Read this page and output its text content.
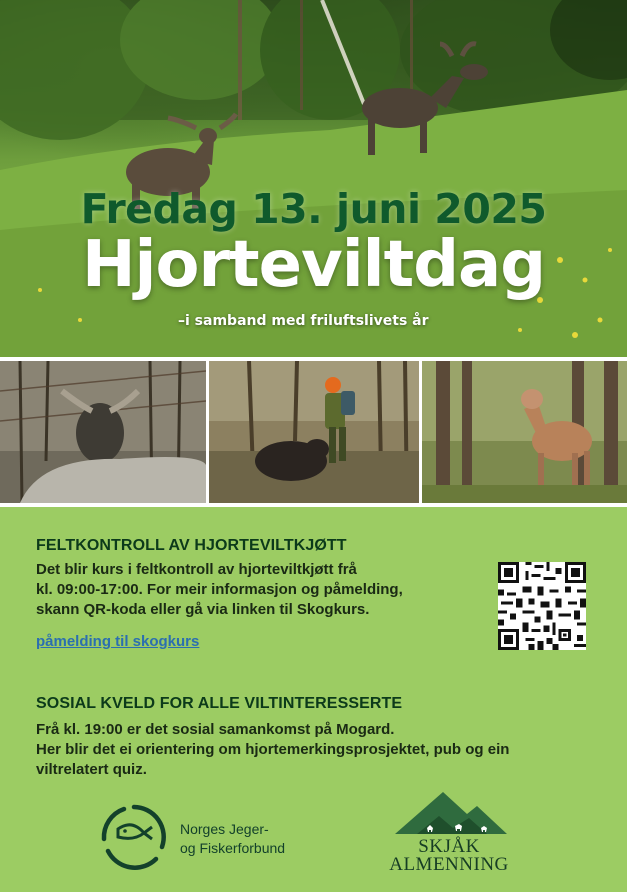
Fredag 13. juni 2025
Hjorteviltdag
–i samband med friluftslivets år
FELTKONTROLL AV HJORTEVILTKJØTT
Det blir kurs i feltkontroll av hjorteviltkjøtt frå
kl. 09:00-17:00. For meir informasjon og påmelding,
skann QR-koda eller gå via linken til Skogkurs.
påmelding til skogkurs
SOSIAL KVELD FOR ALLE VILTINTERESSERTE
Frå kl. 19:00 er det sosial samankomst på Mogard.
Her blir det ei orientering om hjortemerkingsprosjektet, pub og ein
viltrelatert quiz.
Norges Jeger-
og Fiskerforbund	SKJÅK
ALMENNING
